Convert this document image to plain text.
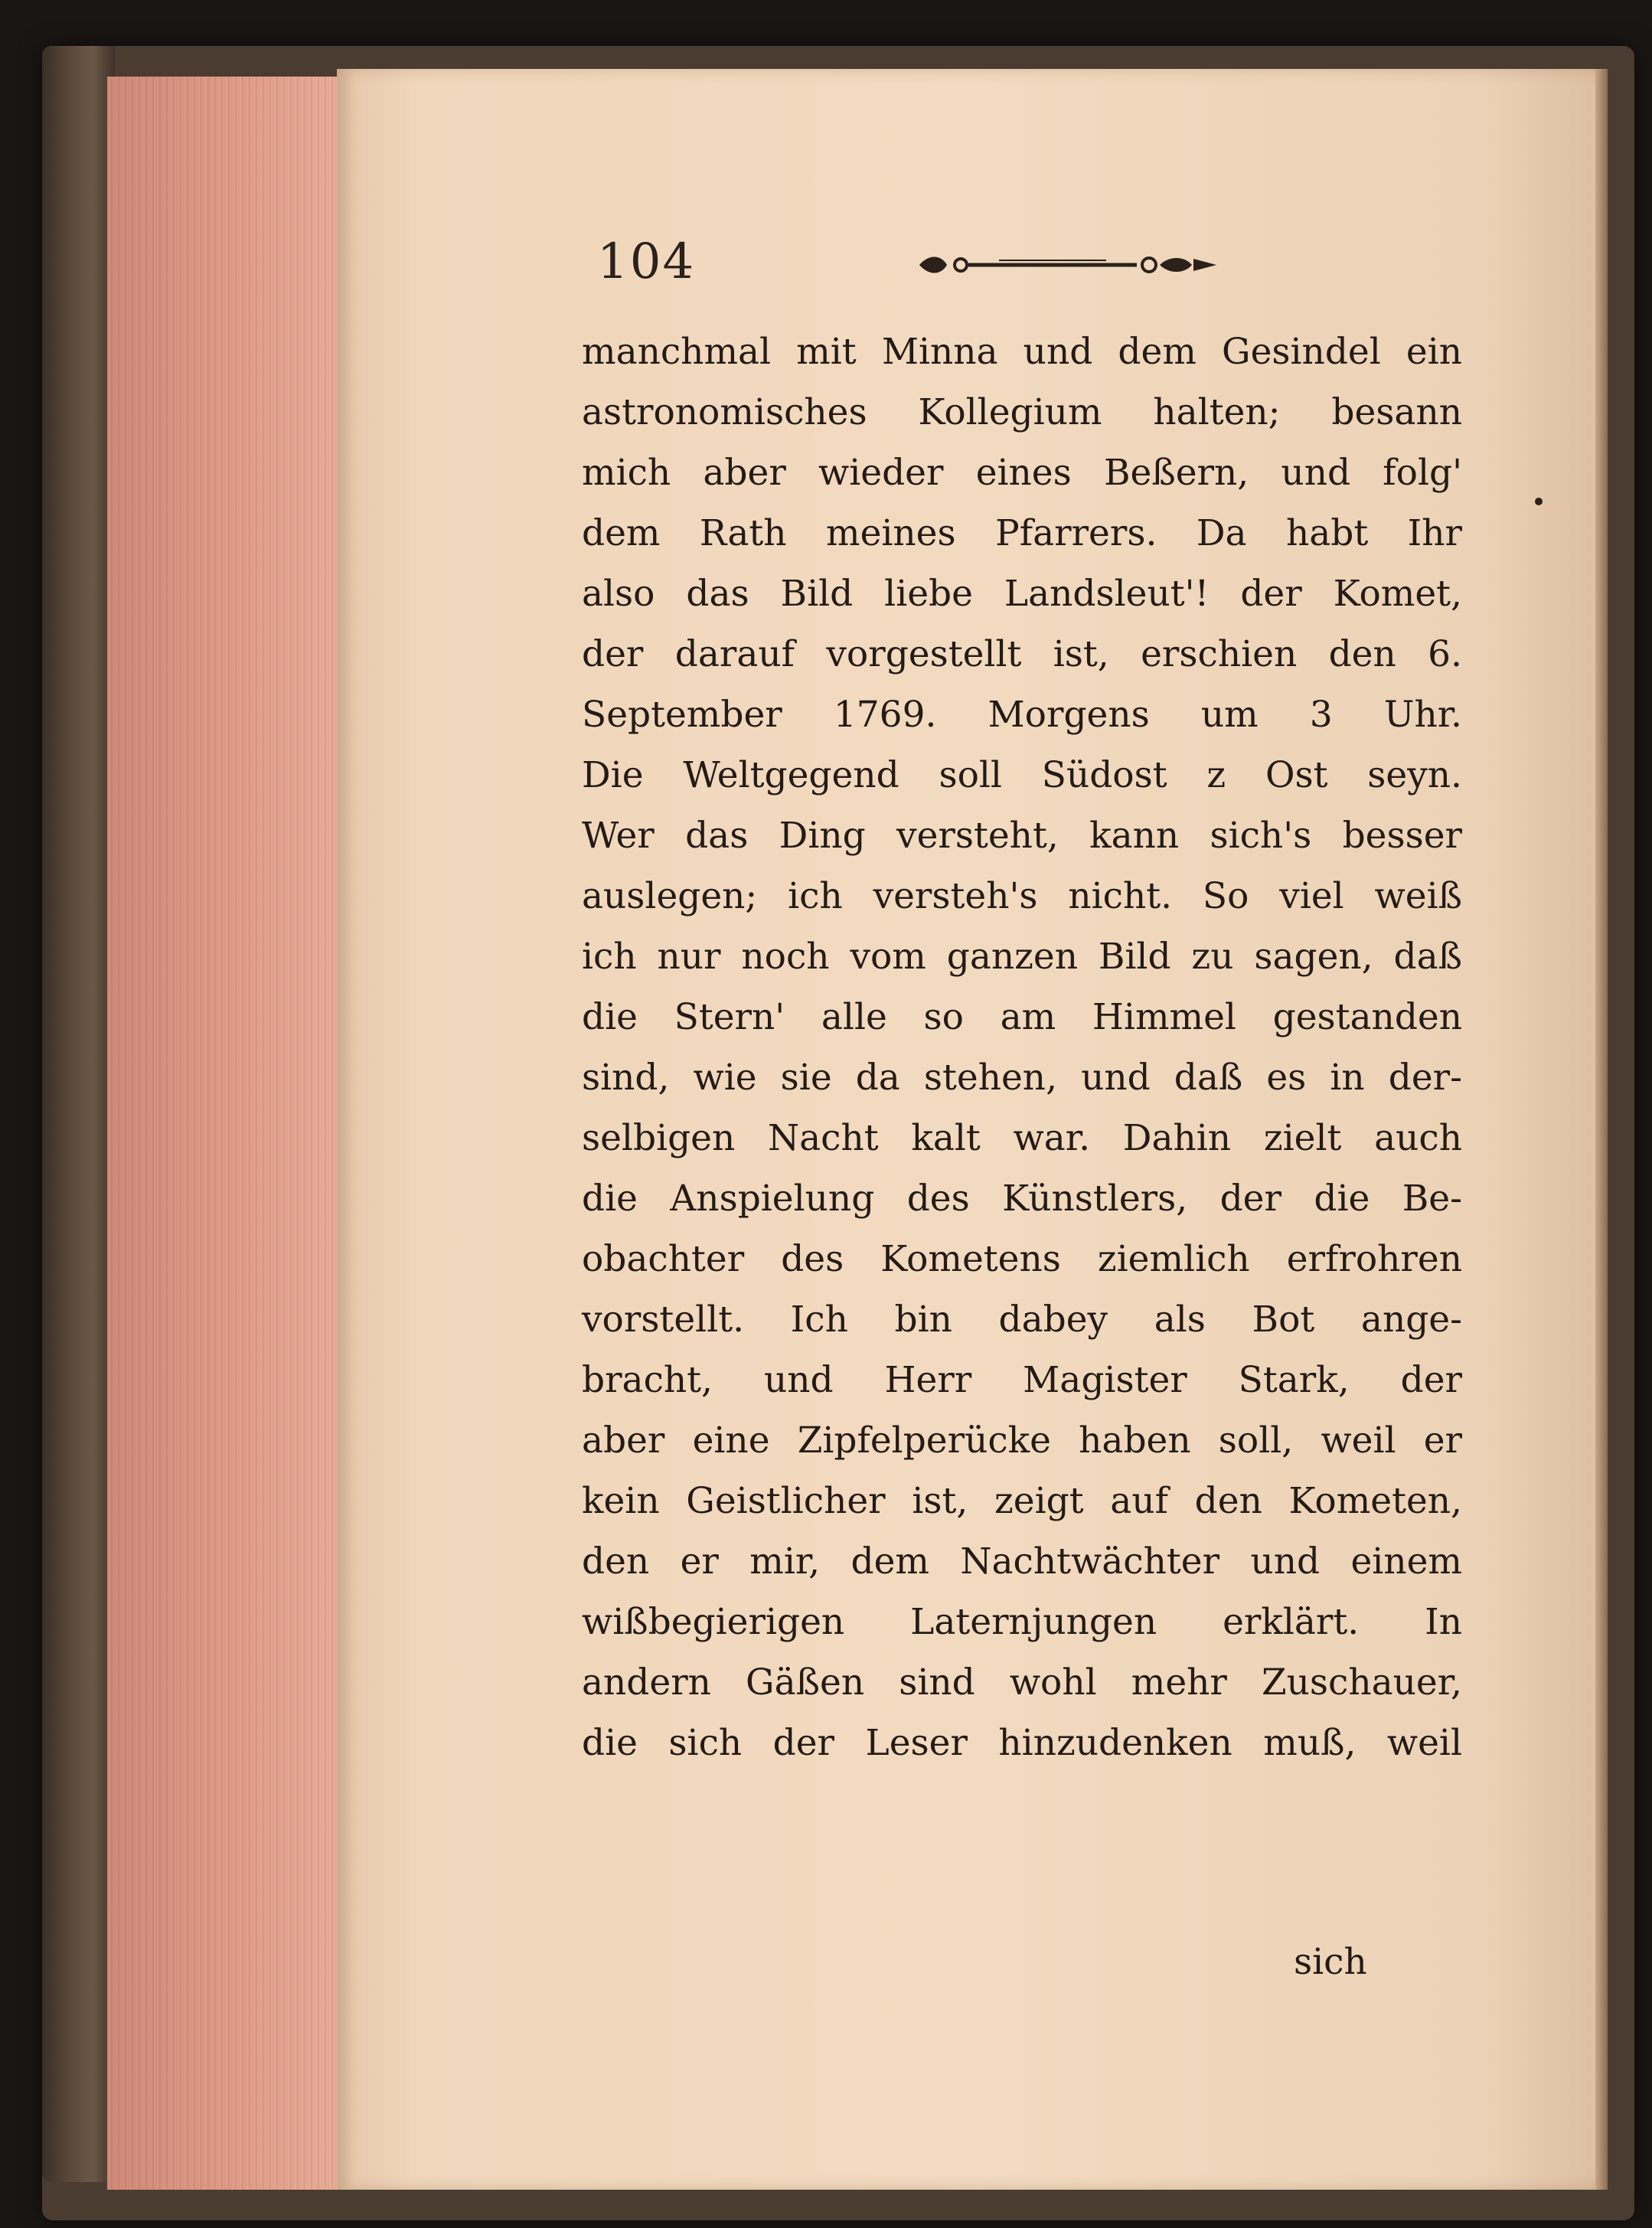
104
manchmal mit Minna und dem Gesindel ein
astronomisches Kollegium halten; besann
mich aber wieder eines Beßern, und folg'
dem Rath meines Pfarrers. Da habt Ihr
also das Bild liebe Landsleut'! der Komet,
der darauf vorgestellt ist, erschien den 6.
September 1769. Morgens um 3 Uhr.
Die Weltgegend soll Südost z Ost seyn.
Wer das Ding versteht, kann sich's besser
auslegen; ich versteh's nicht. So viel weiß
ich nur noch vom ganzen Bild zu sagen, daß
die Stern' alle so am Himmel gestanden
sind, wie sie da stehen, und daß es in der-
selbigen Nacht kalt war. Dahin zielt auch
die Anspielung des Künstlers, der die Be-
obachter des Kometens ziemlich erfrohren
vorstellt. Ich bin dabey als Bot ange-
bracht, und Herr Magister Stark, der
aber eine Zipfelperücke haben soll, weil er
kein Geistlicher ist, zeigt auf den Kometen,
den er mir, dem Nachtwächter und einem
wißbegierigen Laternjungen erklärt. In
andern Gäßen sind wohl mehr Zuschauer,
die sich der Leser hinzudenken muß, weil
sich
